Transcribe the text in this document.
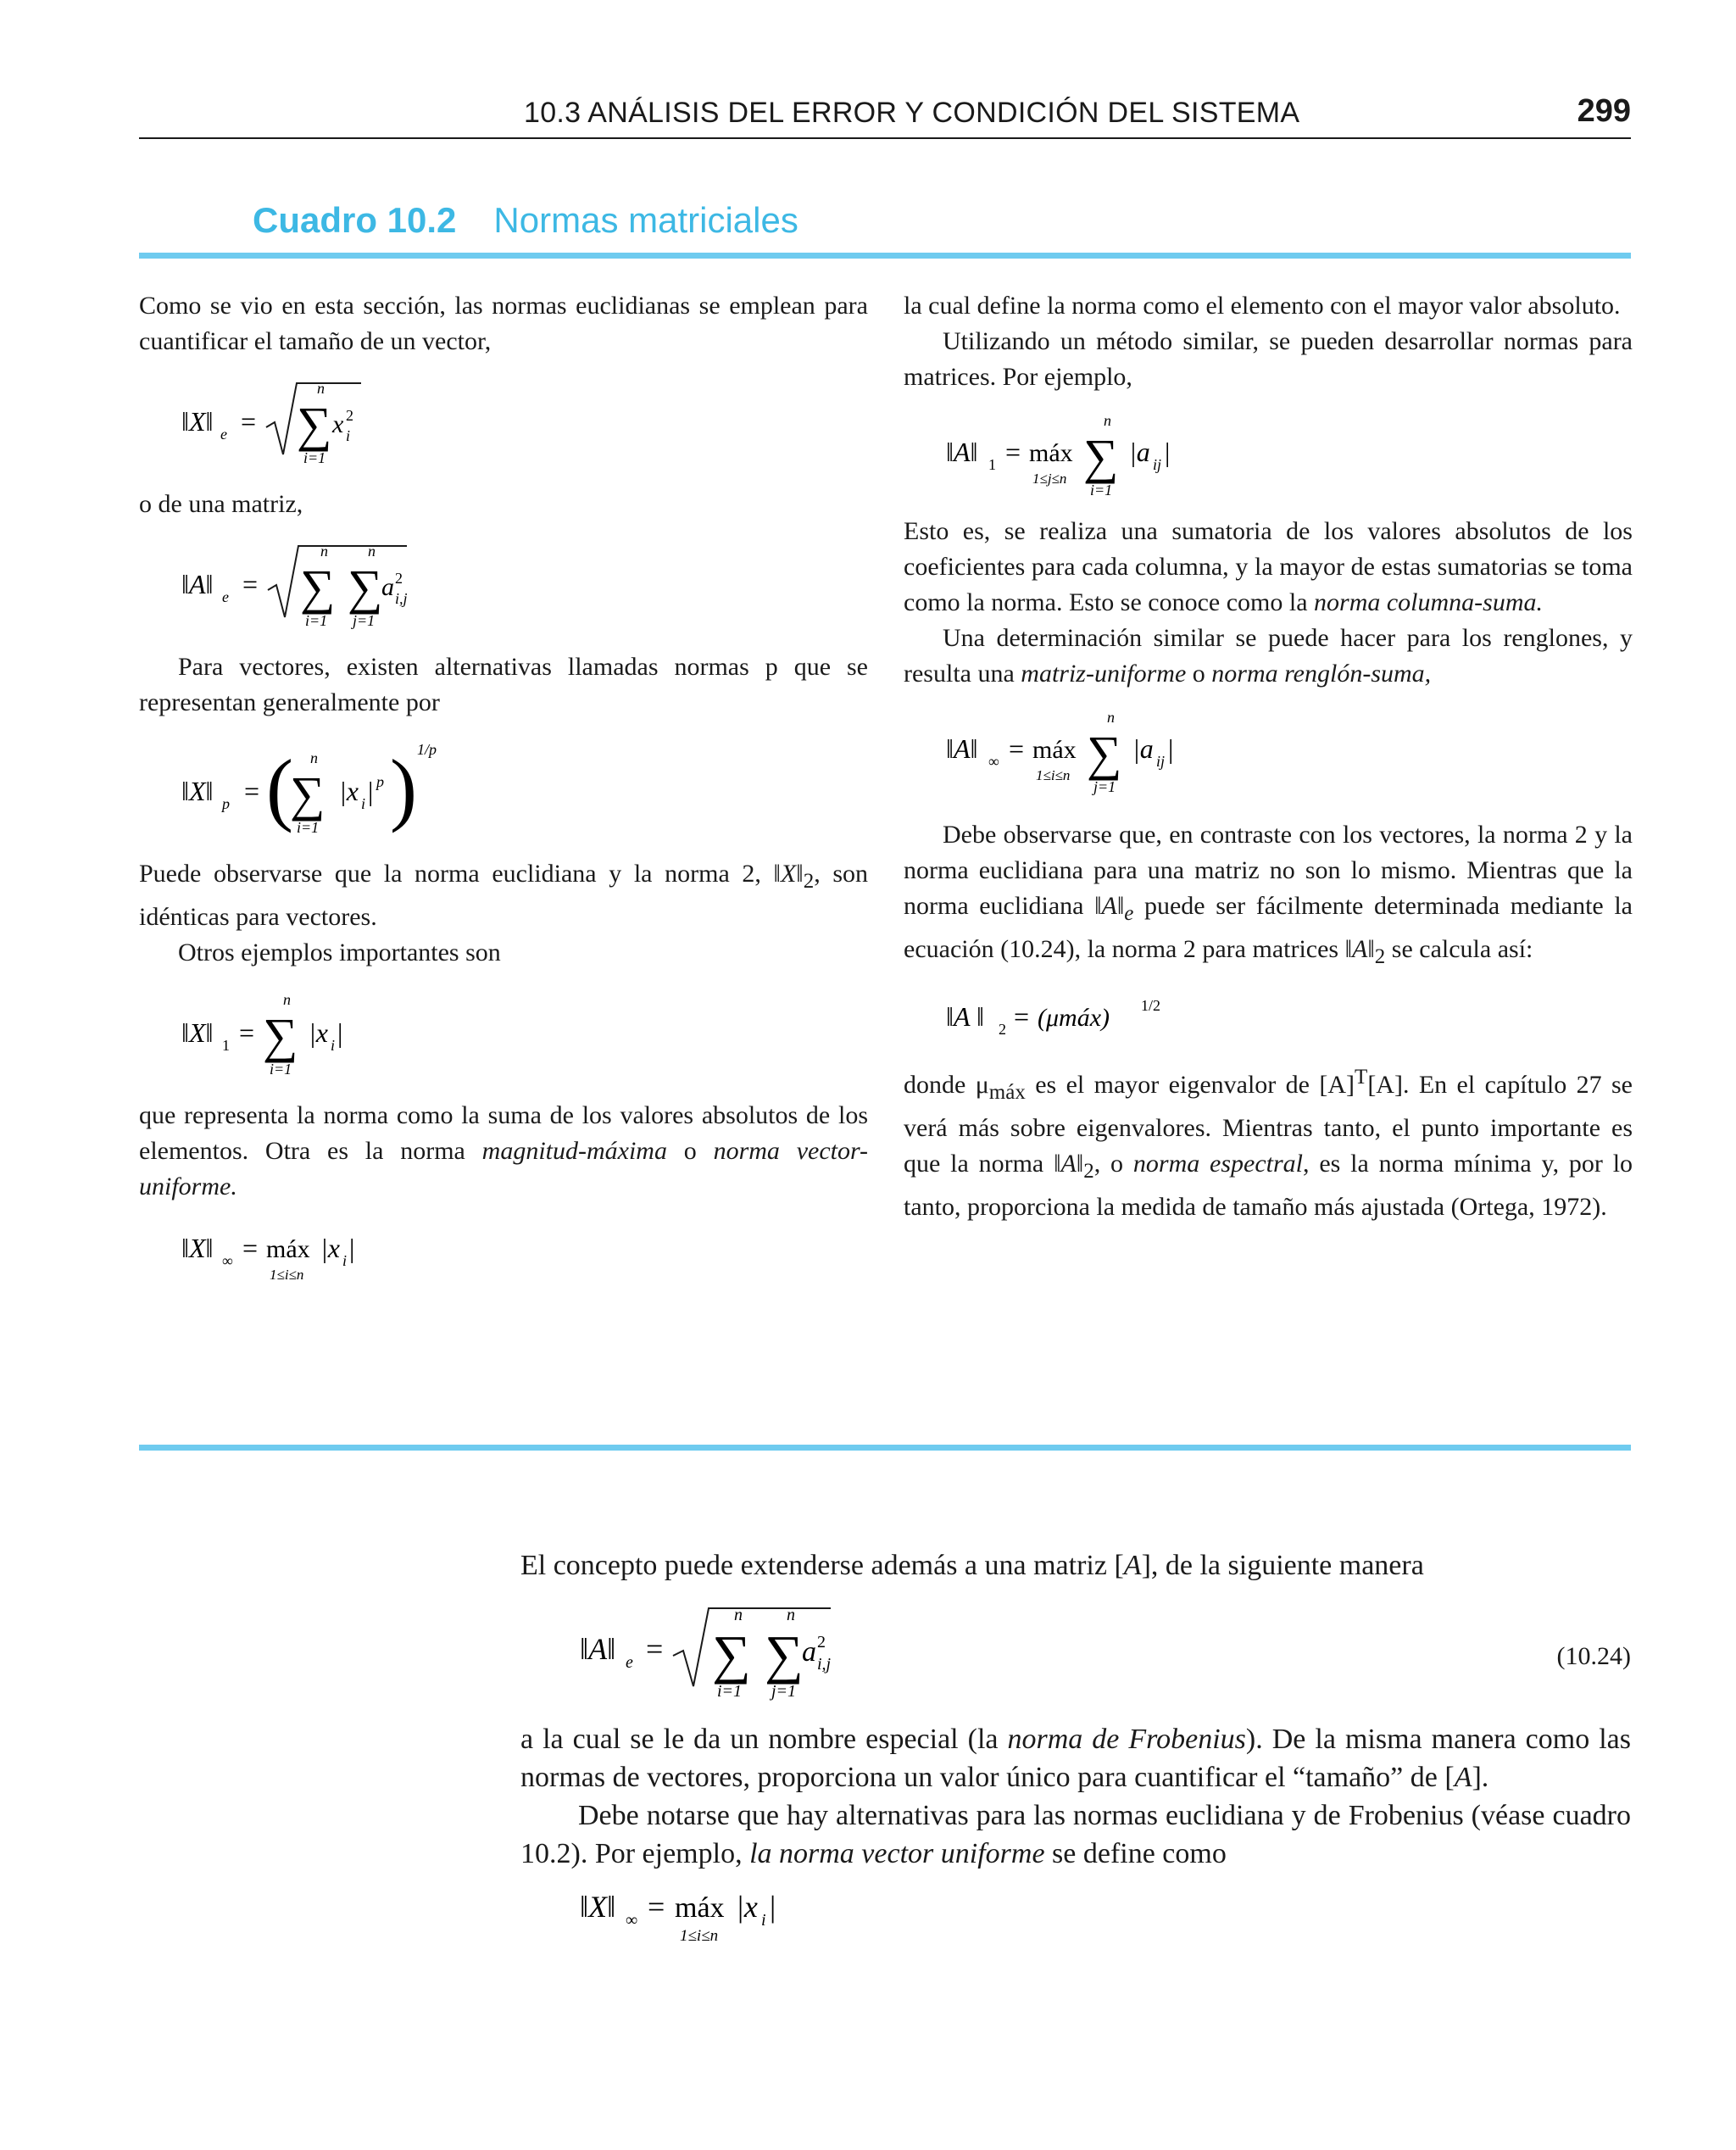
10.3 ANÁLISIS DEL ERROR Y CONDICIÓN DEL SISTEMA	299
Cuadro 10.2 Normas matriciales

Como se vio en esta sección, las normas euclidianas se emplean para cuantificar el tamaño de un vector,

‖X‖ e = ∑
n
i=1
x 2
i

o de una matriz,

‖A‖ e = ∑ ∑
n	n
i=1 j=1
a 2
i,j

Para vectores, existen alternativas llamadas normas p que se representan generalmente por

‖X‖ p = (
∑
n
i=1
|x i | p ) 1/p

Puede observarse que la norma euclidiana y la norma 2, $‖X‖_2$, son idénticas para vectores.

Otros ejemplos importantes son

‖X‖ 1 = ∑
n
i=1
|x i |

que representa la norma como la suma de los valores absolutos de los elementos. Otra es la norma magnitud-máxima o norma vector-uniforme.

‖X‖ ∞ = máx
1≤i≤n
|x i |

la cual define la norma como el elemento con el mayor valor absoluto.

Utilizando un método similar, se pueden desarrollar normas para matrices. Por ejemplo,

‖A‖ 1 = máx
1≤j≤n ∑
n
i=1
|a ij |

Esto es, se realiza una sumatoria de los valores absolutos de los coeficientes para cada columna, y la mayor de estas sumatorias se toma como la norma. Esto se conoce como la norma columna-suma.

Una determinación similar se puede hacer para los renglones, y resulta una matriz-uniforme o norma renglón-suma,

‖A‖ ∞ = máx
1≤i≤n ∑
n
j=1
|a ij |

Debe observarse que, en contraste con los vectores, la norma 2 y la norma euclidiana para una matriz no son lo mismo. Mientras que la norma euclidiana $‖A‖_e$ puede ser fácilmente determinada mediante la ecuación (10.24), la norma 2 para matrices $‖A‖_2$ se calcula así:

‖A ‖ 2 = (μmáx) 1/2

donde $\mu_{máx}$ es el mayor eigenvalor de $[A]^T[A]$. En el capítulo 27 se verá más sobre eigenvalores. Mientras tanto, el punto importante es que la norma $‖A‖_2$, o norma espectral, es la norma mínima y, por lo tanto, proporciona la medida de tamaño más ajustada (Ortega, 1972).

El concepto puede extenderse además a una matriz [A], de la siguiente manera

‖A‖ e = ∑ ∑
n	n
i=1 j=1
a 2
i,j	(10.24)

a la cual se le da un nombre especial (la norma de Frobenius). De la misma manera como las normas de vectores, proporciona un valor único para cuantificar el “tamaño” de [A].

Debe notarse que hay alternativas para las normas euclidiana y de Frobenius (véase cuadro 10.2). Por ejemplo, la norma vector uniforme se define como

‖X‖ ∞ = máx
1≤i≤n
|x i |
